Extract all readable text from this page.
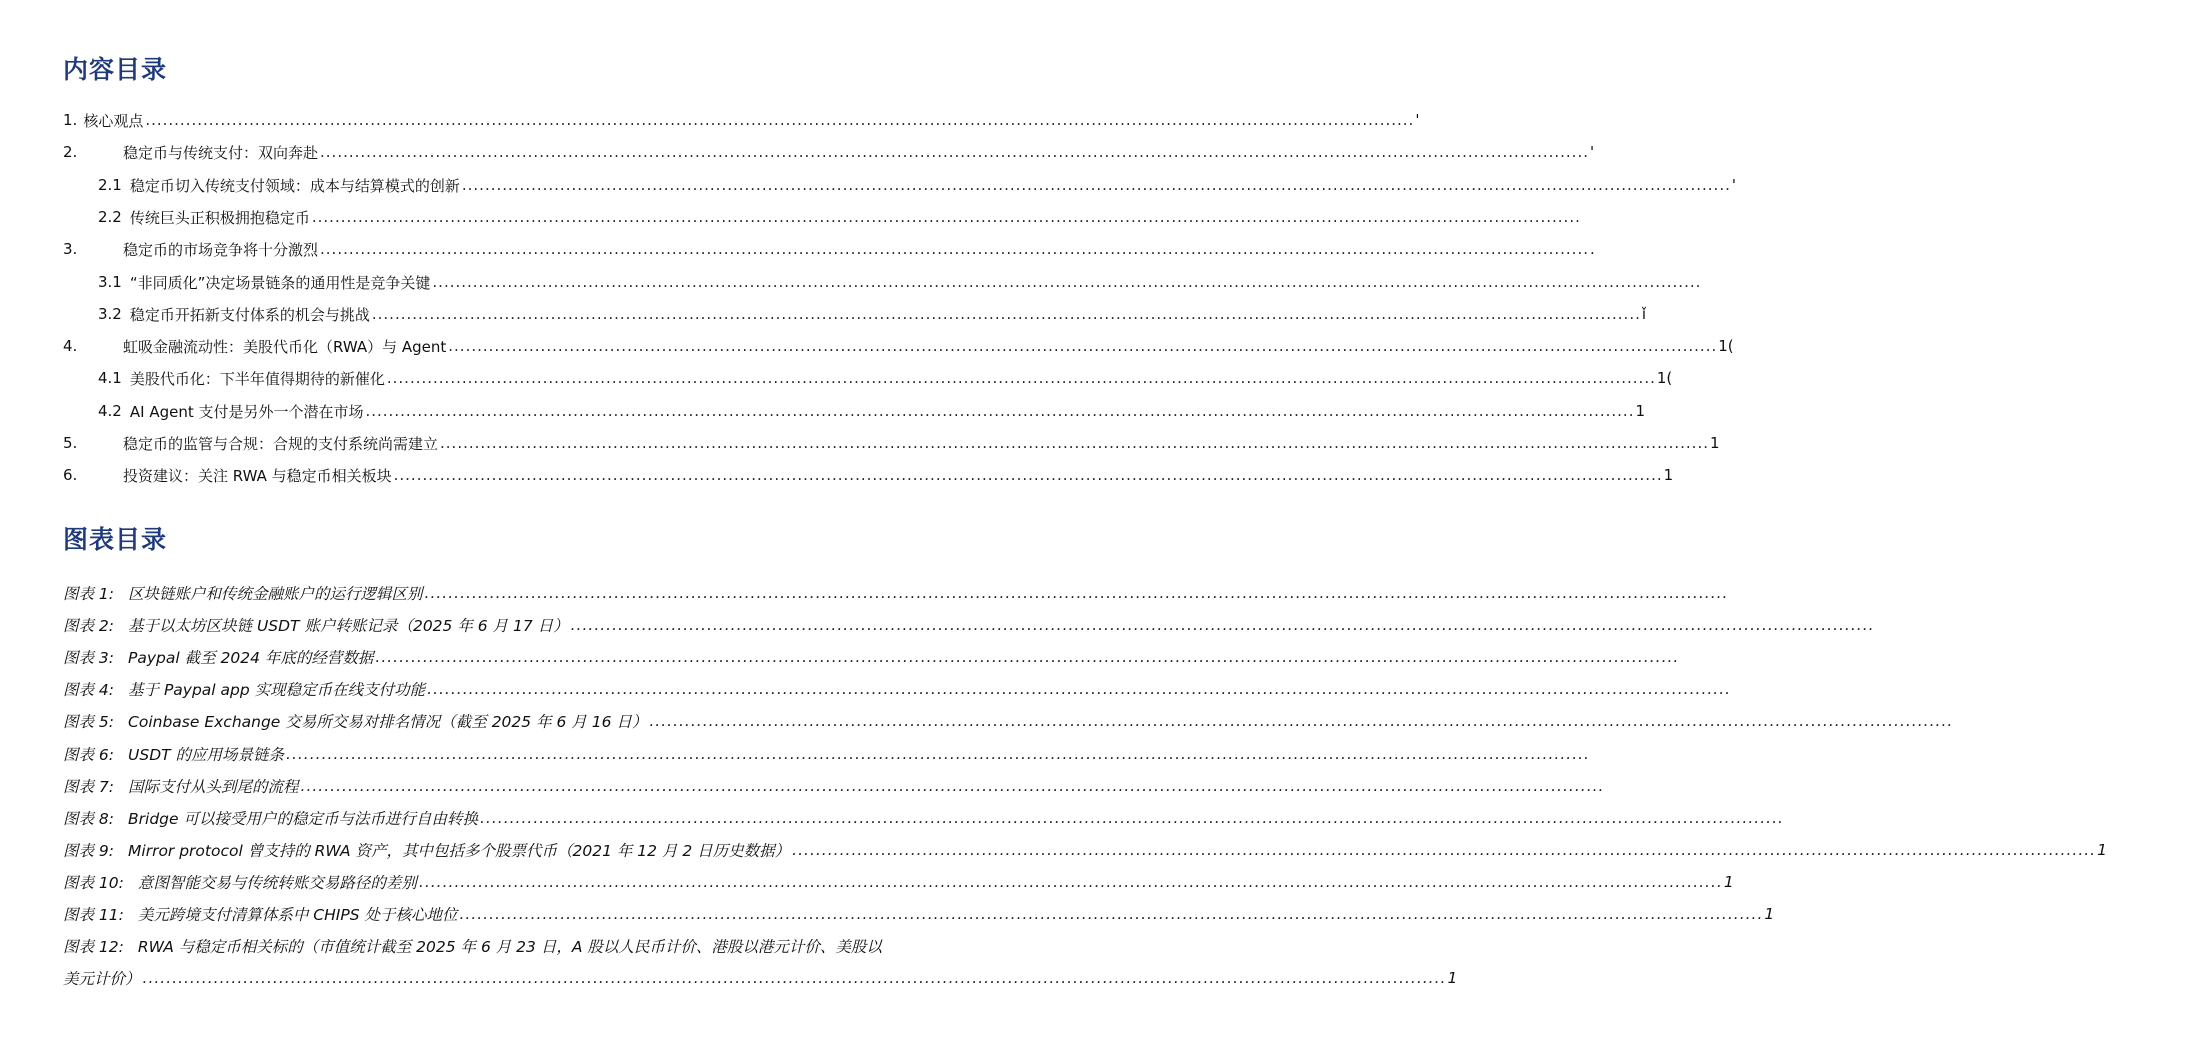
内容目录
1. 核心观点 ............................................................................................................................................................................................................................ '
2.	稳定币与传统支付：双向奔赴 ............................................................................................................................................................................................................................ '
2.1 稳定币切入传统支付领域：成本与结算模式的创新 ............................................................................................................................................................................................................................ '
2.2 传统巨头正积极拥抱稳定币 ............................................................................................................................................................................................................................
3.	稳定币的市场竞争将十分激烈 ............................................................................................................................................................................................................................ .
3.1 “非同质化”决定场景链条的通用性是竞争关键 ............................................................................................................................................................................................................................
3.2 稳定币开拓新支付体系的机会与挑战 ............................................................................................................................................................................................................................ ǐ
4.	虹吸金融流动性：美股代币化（RWA）与 Agent ............................................................................................................................................................................................................................ 1(
4.1 美股代币化：下半年值得期待的新催化 ............................................................................................................................................................................................................................ 1(
4.2 AI Agent 支付是另外一个潜在市场 ............................................................................................................................................................................................................................ 1
5.	稳定币的监管与合规：合规的支付系统尚需建立 ............................................................................................................................................................................................................................ 1
6.	投资建议：关注 RWA 与稳定币相关板块 ............................................................................................................................................................................................................................ 1
图表目录
图表 1: 区块链账户和传统金融账户的运行逻辑区别 ............................................................................................................................................................................................................................
图表 2: 基于以太坊区块链 USDT 账户转账记录（2025 年 6 月 17 日） ............................................................................................................................................................................................................................
图表 3: Paypal 截至 2024 年底的经营数据 ............................................................................................................................................................................................................................
图表 4: 基于 Paypal app 实现稳定币在线支付功能 ............................................................................................................................................................................................................................
图表 5: Coinbase Exchange 交易所交易对排名情况（截至 2025 年 6 月 16 日） ............................................................................................................................................................................................................................
图表 6: USDT 的应用场景链条 ............................................................................................................................................................................................................................
图表 7: 国际支付从头到尾的流程 ............................................................................................................................................................................................................................
图表 8: Bridge 可以接受用户的稳定币与法币进行自由转换 ............................................................................................................................................................................................................................
图表 9: Mirror protocol 曾支持的 RWA 资产，其中包括多个股票代币（2021 年 12 月 2 日历史数据） ............................................................................................................................................................................................................................ 1
图表 10: 意图智能交易与传统转账交易路径的差别 ............................................................................................................................................................................................................................ 1
图表 11: 美元跨境支付清算体系中 CHIPS 处于核心地位 ............................................................................................................................................................................................................................ 1
图表 12: RWA 与稳定币相关标的（市值统计截至 2025 年 6 月 23 日，A 股以人民币计价、港股以港元计价、美股以
美元计价） ............................................................................................................................................................................................................................ 1
